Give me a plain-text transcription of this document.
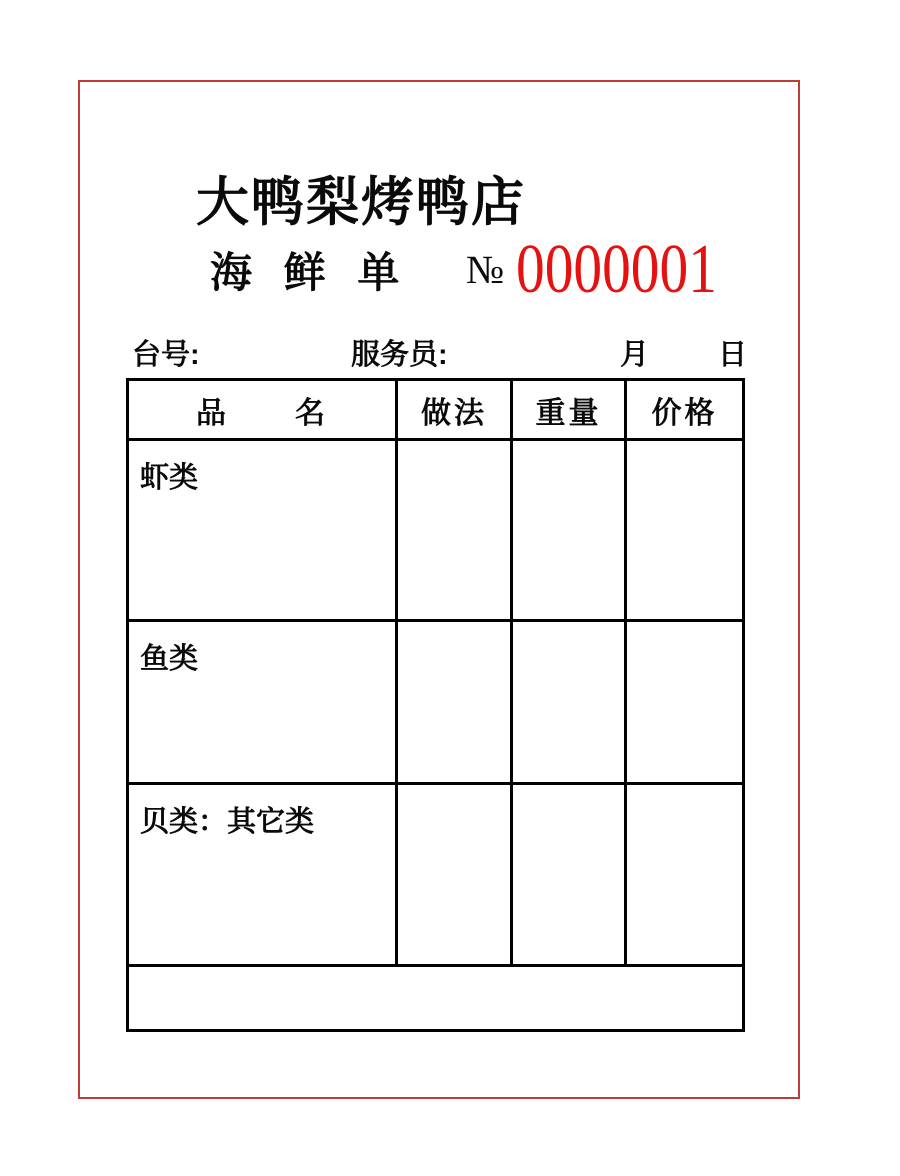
大鸭梨烤鸭店
海 鲜 单 № 0000001
台号:	服务员:	月 日
品　　名	做法	重量	价格
虾类
鱼类
贝类：其它类
